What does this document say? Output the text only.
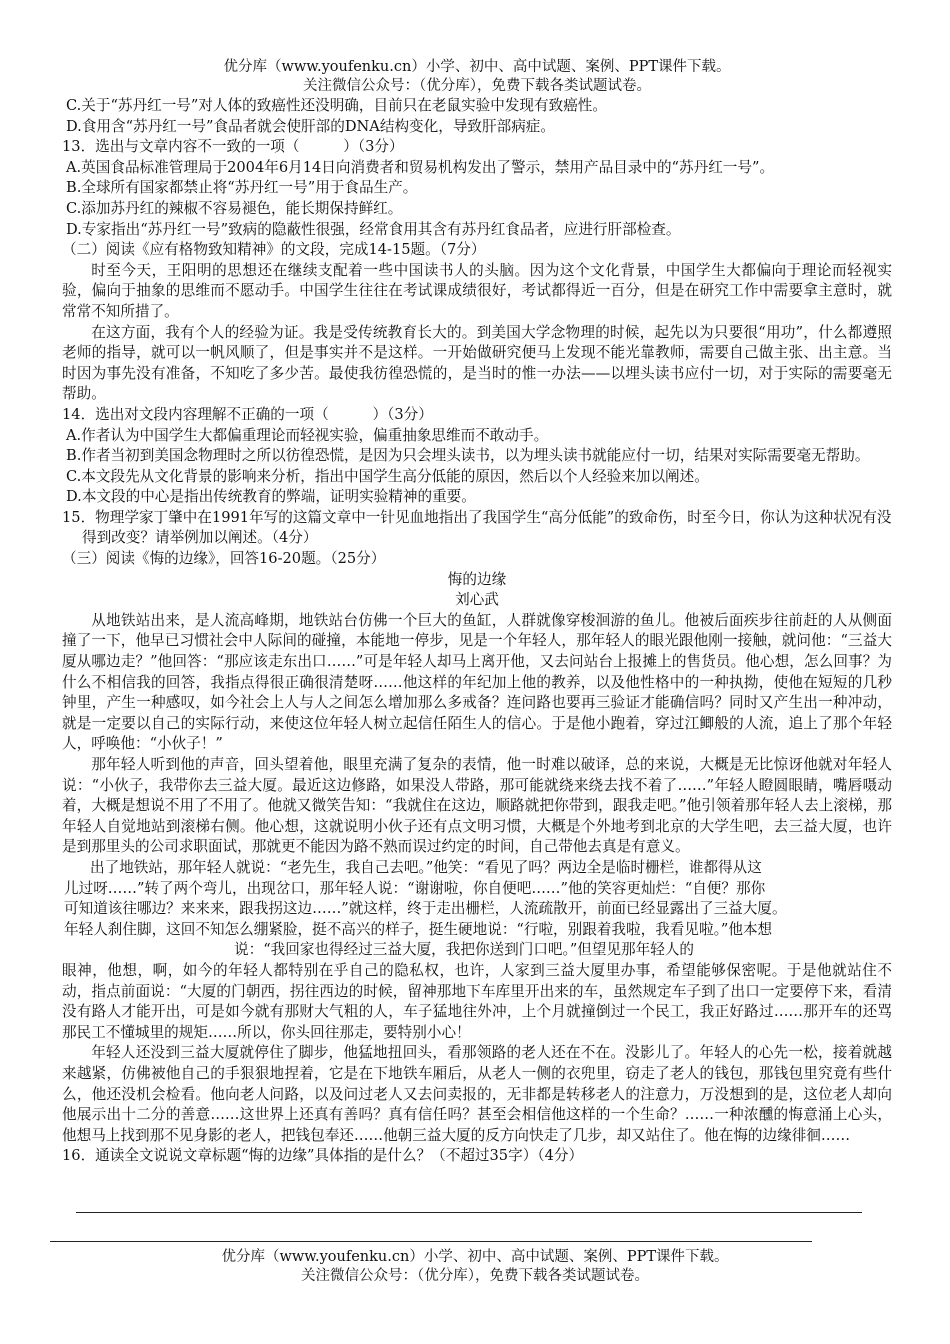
优分库（www.youfenku.cn）小学、初中、高中试题、案例、PPT课件下载。
关注微信公众号：（优分库），免费下载各类试题试卷。

C.关于“苏丹红一号”对人体的致癌性还没明确，目前只在老鼠实验中发现有致癌性。

D.食用含“苏丹红一号”食品者就会使肝部的DNA结构变化，导致肝部病症。

13．选出与文章内容不一致的一项（　　　）（3分）

A.英国食品标准管理局于2004年6月14日向消费者和贸易机构发出了警示，禁用产品目录中的“苏丹红一号”。

B.全球所有国家都禁止将“苏丹红一号”用于食品生产。

C.添加苏丹红的辣椒不容易褪色，能长期保持鲜红。

D.专家指出“苏丹红一号”致病的隐蔽性很强，经常食用其含有苏丹红食品者，应进行肝部检查。

（二）阅读《应有格物致知精神》的文段，完成14-15题。（7分）

时至今天，王阳明的思想还在继续支配着一些中国读书人的头脑。因为这个文化背景，中国学生大都偏向于理论而轻视实验，偏向于抽象的思维而不愿动手。中国学生往往在考试课成绩很好，考试都得近一百分，但是在研究工作中需要拿主意时，就常常不知所措了。

在这方面，我有个人的经验为证。我是受传统教育长大的。到美国大学念物理的时候，起先以为只要很“用功”，什么都遵照老师的指导，就可以一帆风顺了，但是事实并不是这样。一开始做研究便马上发现不能光靠教师，需要自己做主张、出主意。当时因为事先没有准备，不知吃了多少苦。最使我彷徨恐慌的，是当时的惟一办法——以埋头读书应付一切，对于实际的需要毫无帮助。

14．选出对文段内容理解不正确的一项（　　　）（3分）

A.作者认为中国学生大都偏重理论而轻视实验，偏重抽象思维而不敢动手。

B.作者当初到美国念物理时之所以彷徨恐慌，是因为只会埋头读书，以为埋头读书就能应付一切，结果对实际需要毫无帮助。

C.本文段先从文化背景的影响来分析，指出中国学生高分低能的原因，然后以个人经验来加以阐述。

D.本文段的中心是指出传统教育的弊端，证明实验精神的重要。

15．物理学家丁肇中在1991年写的这篇文章中一针见血地指出了我国学生“高分低能”的致命伤，时至今日，你认为这种状况有没得到改变？请举例加以阐述。（4分）

（三）阅读《悔的边缘》，回答16-20题。（25分）

悔的边缘

刘心武

从地铁站出来，是人流高峰期，地铁站台仿佛一个巨大的鱼缸，人群就像穿梭洄游的鱼儿。他被后面疾步往前赶的人从侧面撞了一下，他早已习惯社会中人际间的碰撞，本能地一停步，见是一个年轻人，那年轻人的眼光跟他刚一接触，就问他：“三益大厦从哪边走？”他回答：“那应该走东出口……”可是年轻人却马上离开他，又去问站台上报摊上的售货员。他心想，怎么回事？为什么不相信我的回答，我指点得很正确很清楚呀……他这样的年纪加上他的教养，以及他性格中的一种执拗，使他在短短的几秒钟里，产生一种感叹，如今社会上人与人之间怎么增加那么多戒备？连问路也要再三验证才能确信吗？同时又产生出一种冲动，就是一定要以自己的实际行动，来使这位年轻人树立起信任陌生人的信心。于是他小跑着，穿过江鲫般的人流，追上了那个年轻人，呼唤他：“小伙子！”

那年轻人听到他的声音，回头望着他，眼里充满了复杂的表情，他一时难以破译，总的来说，大概是无比惊讶他就对年轻人说：“小伙子，我带你去三益大厦。最近这边修路，如果没人带路，那可能就绕来绕去找不着了……”年轻人瞪圆眼睛，嘴唇嗫动着，大概是想说不用了不用了。他就又微笑告知：“我就住在这边，顺路就把你带到，跟我走吧。”他引领着那年轻人去上滚梯，那年轻人自觉地站到滚梯右侧。他心想，这就说明小伙子还有点文明习惯，大概是个外地考到北京的大学生吧，去三益大厦，也许是到那里头的公司求职面试，那就更不能因为路不熟而误过约定的时间，自己带他去真是有意义。

出了地铁站，那年轻人就说：“老先生，我自己去吧。”他笑：“看见了吗？两边全是临时栅栏，谁都得从这

儿过呀……”转了两个弯儿，出现岔口，那年轻人说：“谢谢啦，你自便吧……”他的笑容更灿烂：“自便？那你

可知道该往哪边？来来来，跟我拐这边……”就这样，终于走出栅栏，人流疏散开，前面已经显露出了三益大厦。

年轻人刹住脚，这回不知怎么绷紧脸，挺不高兴的样子，挺生硬地说：“行啦，别跟着我啦，我看见啦。”他本想

说：“我回家也得经过三益大厦，我把你送到门口吧。”但望见那年轻人的

眼神，他想，啊，如今的年轻人都特别在乎自己的隐私权，也许，人家到三益大厦里办事，希望能够保密呢。于是他就站住不动，指点前面说：“大厦的门朝西，拐往西边的时候，留神那地下车库里开出来的车，虽然规定车子到了出口一定要停下来，看清没有路人才能开出，可是如今就有那财大气粗的人，车子猛地往外冲，上个月就撞倒过一个民工，我正好路过……那开车的还骂那民工不懂城里的规矩……所以，你头回往那走，要特别小心！

年轻人还没到三益大厦就停住了脚步，他猛地扭回头，看那领路的老人还在不在。没影儿了。年轻人的心先一松，接着就越来越紧，仿佛被他自己的手狠狠地捏着，它是在下地铁车厢后，从老人一侧的衣兜里，窃走了老人的钱包，那钱包里究竟有些什么，他还没机会检看。他向老人问路，以及问过老人又去问卖报的，无非都是转移老人的注意力，万没想到的是，这位老人却向他展示出十二分的善意……这世界上还真有善吗？真有信任吗？甚至会相信他这样的一个生命？……一种浓醺的悔意涌上心头，他想马上找到那不见身影的老人，把钱包奉还……他朝三益大厦的反方向快走了几步，却又站住了。他在悔的边缘徘徊……

16．通读全文说说文章标题“悔的边缘”具体指的是什么？（不超过35字）（4分）

优分库（www.youfenku.cn）小学、初中、高中试题、案例、PPT课件下载。
关注微信公众号：（优分库），免费下载各类试题试卷。
